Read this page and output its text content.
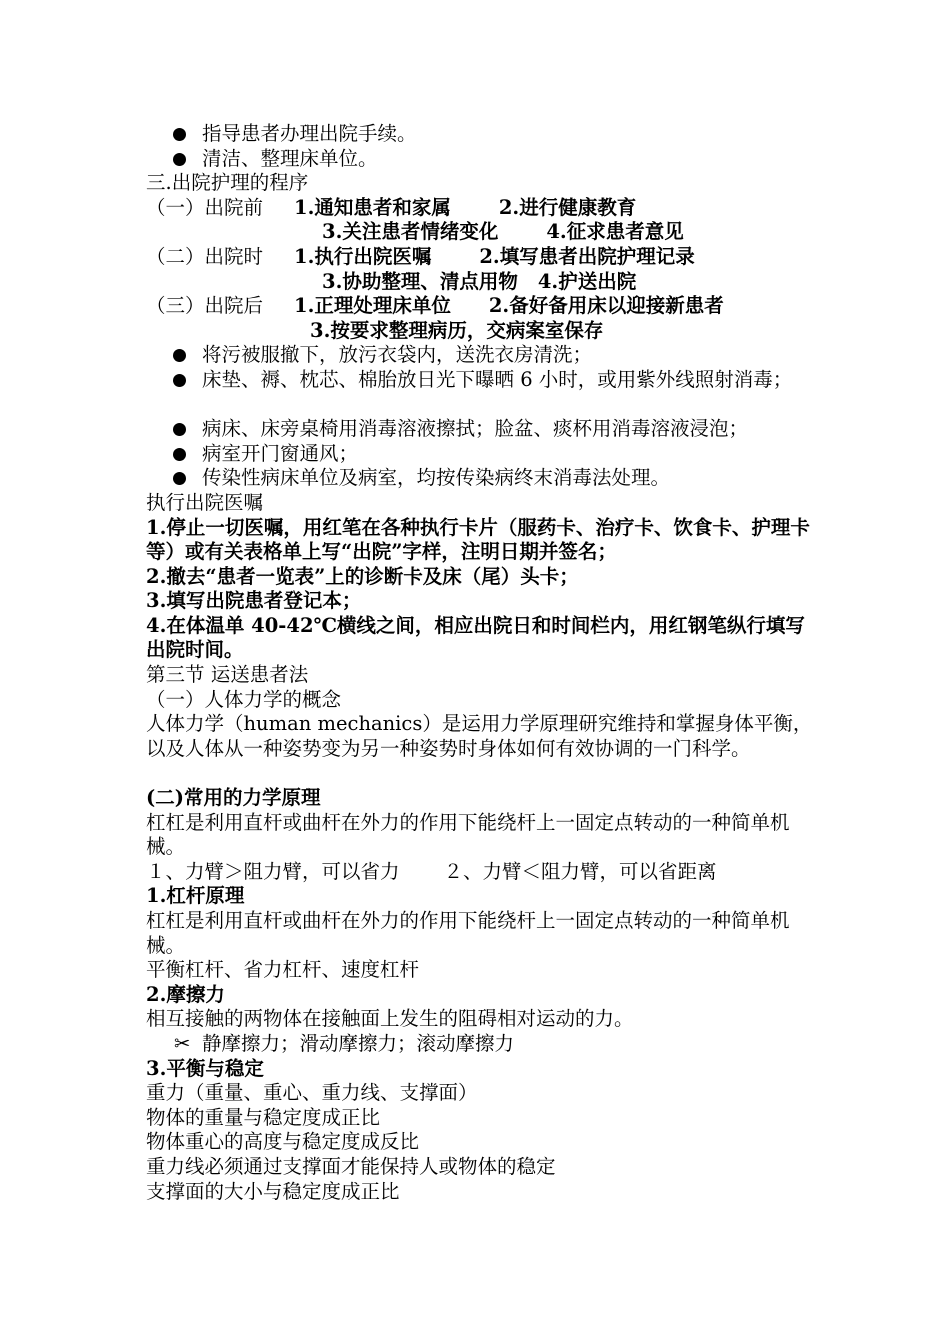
指导患者办理出院手续。
清洁、整理床单位。
三.出院护理的程序
（一）出院前 1.通知患者和家属 2.进行健康教育
3.关注患者情绪变化 4.征求患者意见
（二）出院时 1.执行出院医嘱 2.填写患者出院护理记录
3.协助整理、清点用物 4.护送出院
（三）出院后 1.正理处理床单位 2.备好备用床以迎接新患者
3.按要求整理病历，交病案室保存
将污被服撤下，放污衣袋内，送洗衣房清洗；
床垫、褥、枕芯、棉胎放日光下曝晒 6 小时，或用紫外线照射消毒；
病床、床旁桌椅用消毒溶液擦拭；脸盆、痰杯用消毒溶液浸泡；
病室开门窗通风；
传染性病床单位及病室，均按传染病终末消毒法处理。
执行出院医嘱
1.停止一切医嘱，用红笔在各种执行卡片（服药卡、治疗卡、饮食卡、护理卡等）或有关表格单上写“出院”字样，注明日期并签名；
2.撤去“患者一览表”上的诊断卡及床（尾）头卡；
3.填写出院患者登记本；
4.在体温单 40-42℃横线之间，相应出院日和时间栏内，用红钢笔纵行填写出院时间。
第三节 运送患者法
（一）人体力学的概念
人体力学（human mechanics）是运用力学原理研究维持和掌握身体平衡，以及人体从一种姿势变为另一种姿势时身体如何有效协调的一门科学。
(二)常用的力学原理
杠杠是利用直杆或曲杆在外力的作用下能绕杆上一固定点转动的一种简单机械。
１、力臂＞阻力臂，可以省力 ２、力臂＜阻力臂，可以省距离
1.杠杆原理
杠杠是利用直杆或曲杆在外力的作用下能绕杆上一固定点转动的一种简单机械。
平衡杠杆、省力杠杆、速度杠杆
2.摩擦力
相互接触的两物体在接触面上发生的阻碍相对运动的力。
✂ 静摩擦力；滑动摩擦力；滚动摩擦力
3.平衡与稳定
重力（重量、重心、重力线、支撑面）
物体的重量与稳定度成正比
物体重心的高度与稳定度成反比
重力线必须通过支撑面才能保持人或物体的稳定
支撑面的大小与稳定度成正比
